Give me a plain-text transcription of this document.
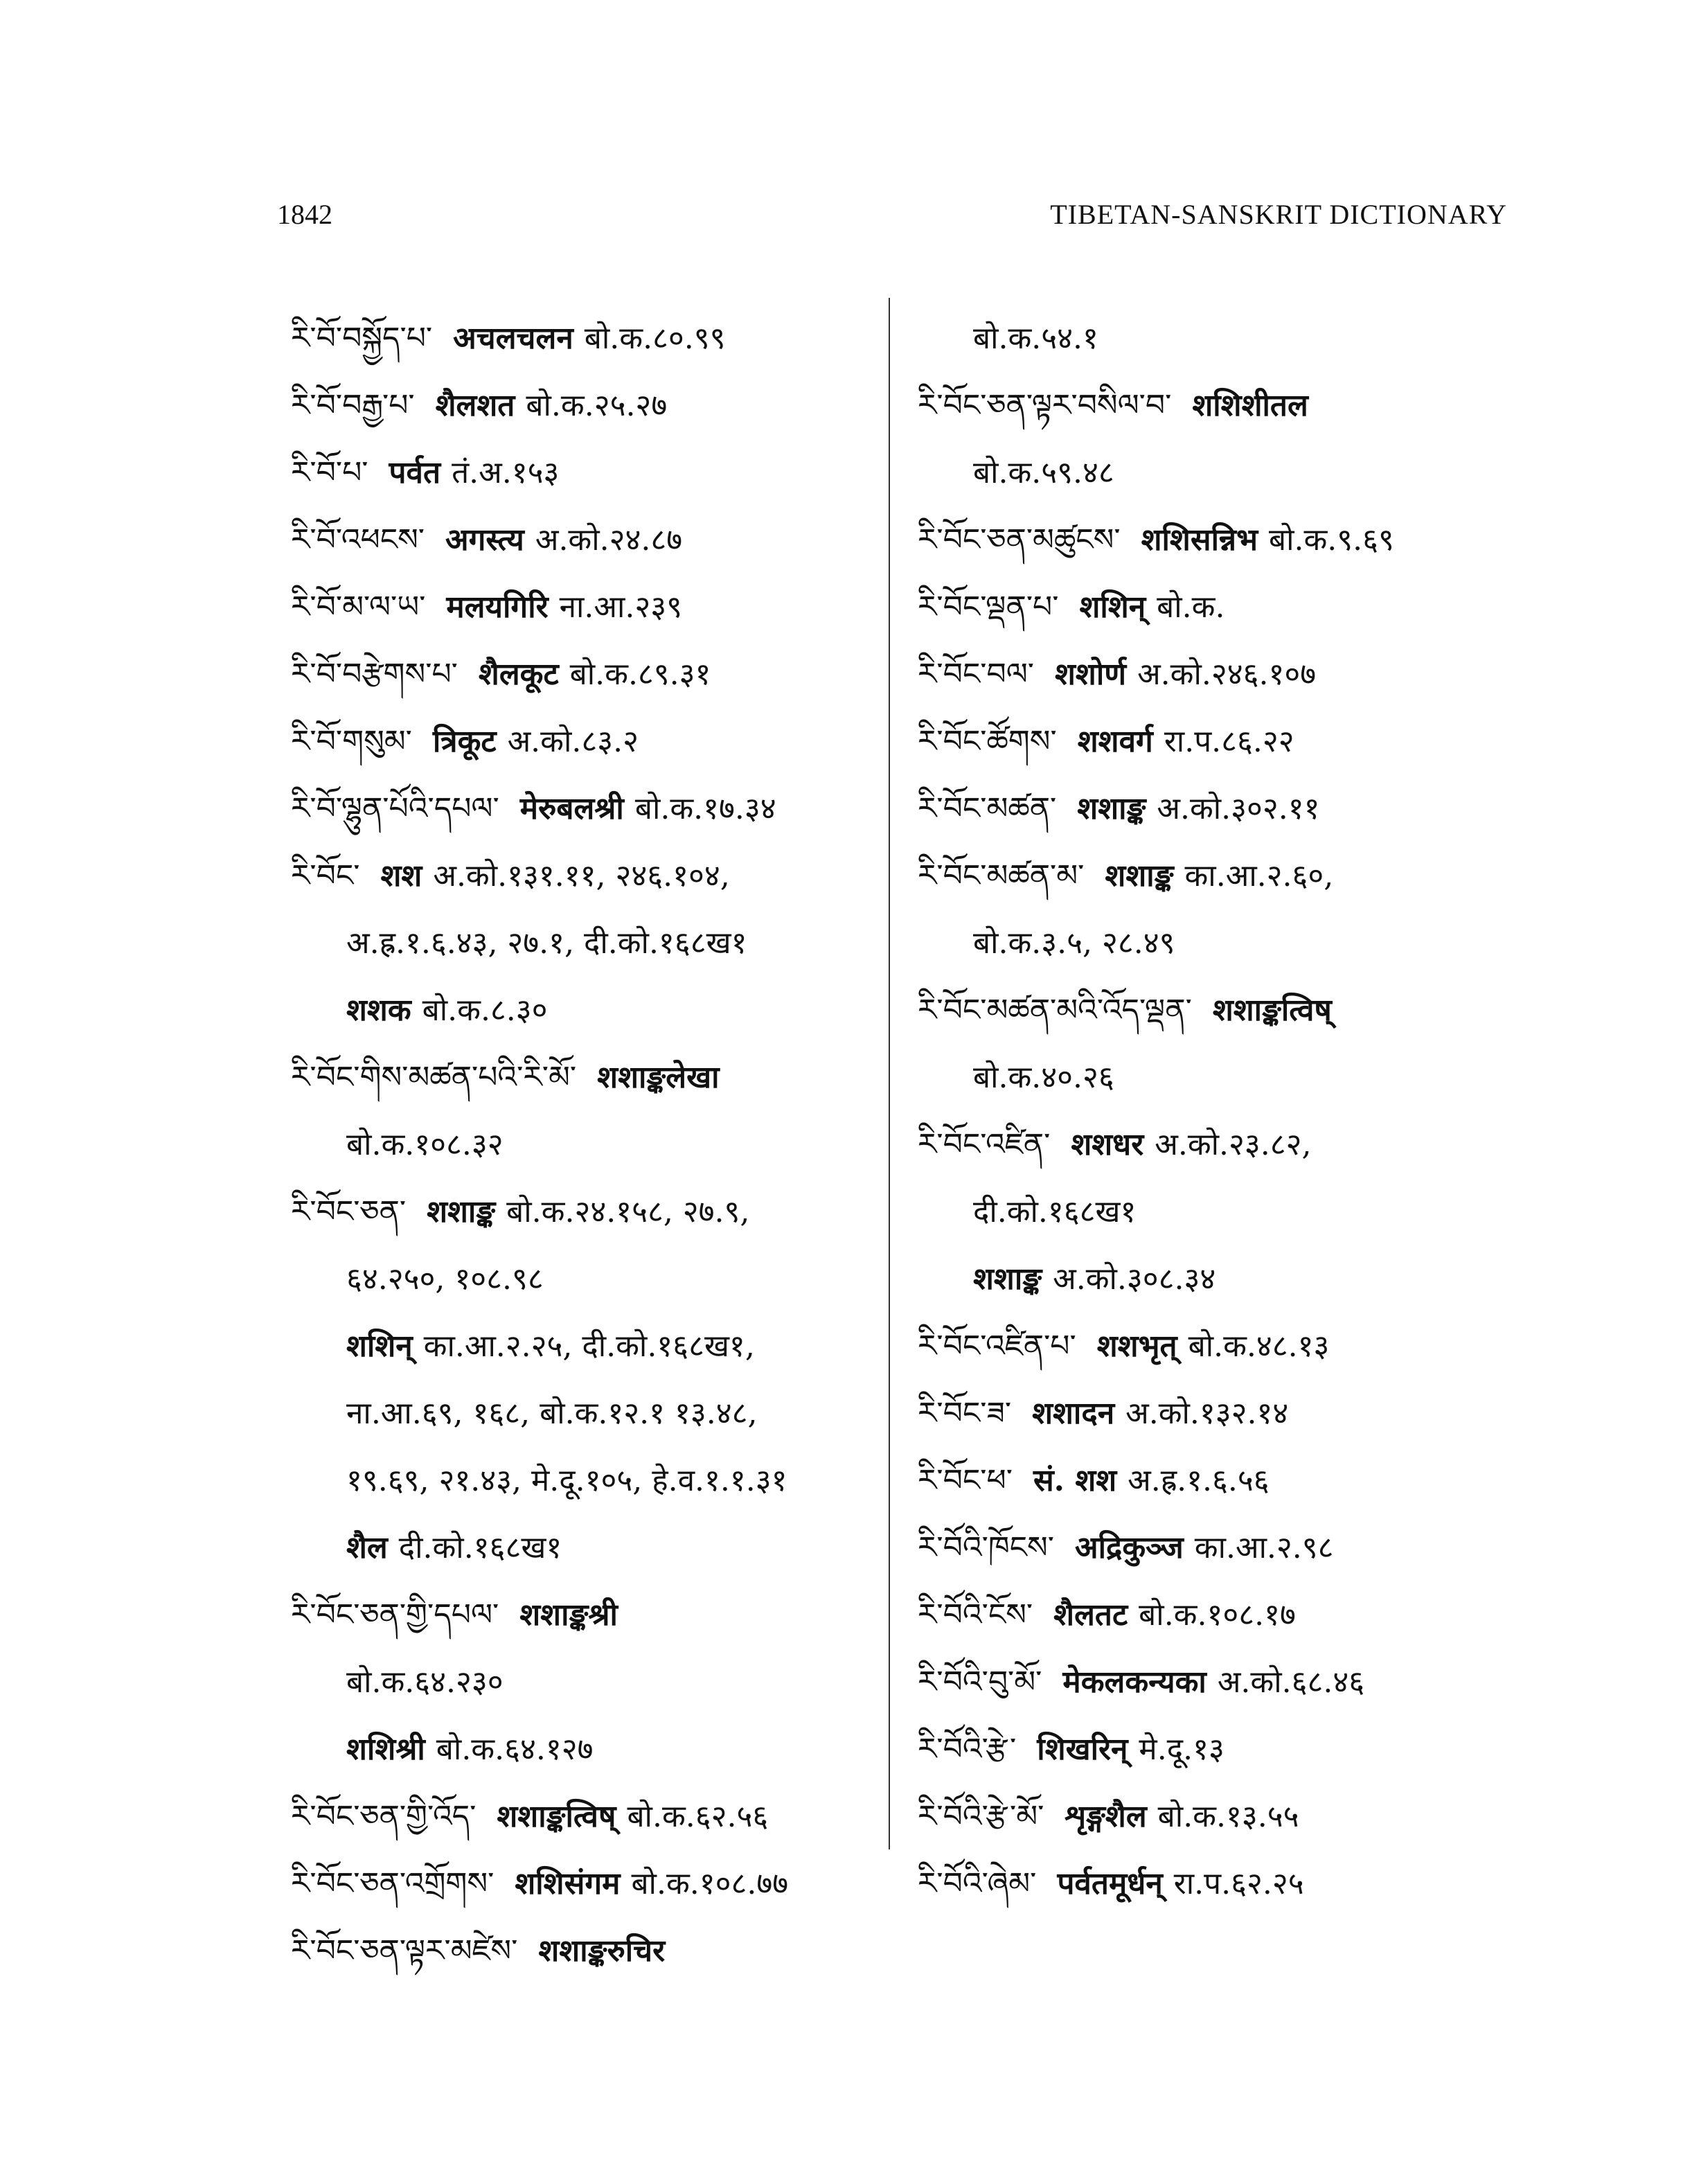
1842	TIBETAN-SANSKRIT DICTIONARY
རི་བོ་བསྐྱོད་པ་ अचलचलन बो.क.८०.९९
རི་བོ་བརྒྱ་པ་ शैलशत बो.क.२५.२७
རི་བོ་པ་ पर्वत तं.अ.१५३
རི་བོ་འཕངས་ अगस्त्य अ.को.२४.८७
རི་བོ་མ་ལ་ཡ་ मलयगिरि ना.आ.२३९
རི་བོ་བརྩེགས་པ་ शैलकूट बो.क.८९.३१
རི་བོ་གསུམ་ त्रिकूट अ.को.८३.२
རི་བོ་ལྷུན་པོའི་དཔལ་ मेरुबलश्री बो.क.१७.३४
རི་བོང་ शश अ.को.१३१.११, २४६.१०४,
अ.ह्र.१.६.४३, २७.१, दी.को.१६८ख१
शशक बो.क.८.३०
རི་བོང་གིས་མཚན་པའི་རི་མོ་ शशाङ्कलेखा
बो.क.१०८.३२
རི་བོང་ཅན་ शशाङ्क बो.क.२४.१५८, २७.९,
६४.२५०, १०८.९८
शशिन् का.आ.२.२५, दी.को.१६८ख१,
ना.आ.६९, १६८, बो.क.१२.१ १३.४८,
१९.६९, २१.४३, मे.दू.१०५, हे.व.१.१.३१
शैल दी.को.१६८ख१
རི་བོང་ཅན་གྱི་དཔལ་ शशाङ्कश्री
बो.क.६४.२३०
शशिश्री बो.क.६४.१२७
རི་བོང་ཅན་གྱི་འོད་ शशाङ्कत्विष् बो.क.६२.५६
རི་བོང་ཅན་འགྲོགས་ शशिसंगम बो.क.१०८.७७
རི་བོང་ཅན་ལྟར་མཛེས་ शशाङ्करुचिर
बो.क.५४.१
རི་བོང་ཅན་ལྟར་བསིལ་བ་ शशिशीतल
बो.क.५९.४८
རི་བོང་ཅན་མཚུངས་ शशिसन्निभ बो.क.९.६९
རི་བོང་ལྡན་པ་ शशिन् बो.क.
རི་བོང་བལ་ शशोर्ण अ.को.२४६.१०७
རི་བོང་ཚོགས་ शशवर्ग रा.प.८६.२२
རི་བོང་མཚན་ शशाङ्क अ.को.३०२.११
རི་བོང་མཚན་མ་ शशाङ्क का.आ.२.६०,
बो.क.३.५, २८.४९
རི་བོང་མཚན་མའི་འོད་ལྡན་ शशाङ्कत्विष्
बो.क.४०.२६
རི་བོང་འཛིན་ शशधर अ.को.२३.८२,
दी.को.१६८ख१
शशाङ्क अ.को.३०८.३४
རི་བོང་འཛིན་པ་ शशभृत् बो.क.४८.१३
རི་བོང་ཟ་ शशादन अ.को.१३२.१४
རི་བོང་ཕ་ सं. शश अ.ह्र.१.६.५६
རི་བོའི་ཁོངས་ अद्रिकुञ्ज का.आ.२.९८
རི་བོའི་ངོས་ शैलतट बो.क.१०८.१७
རི་བོའི་བུ་མོ་ मेकलकन्यका अ.को.६८.४६
རི་བོའི་རྩེ་ शिखरिन् मे.दू.१३
རི་བོའི་རྩེ་མོ་ शृङ्गशैल बो.क.१३.५५
རི་བོའི་ཞེམ་ पर्वतमूर्धन् रा.प.६२.२५
